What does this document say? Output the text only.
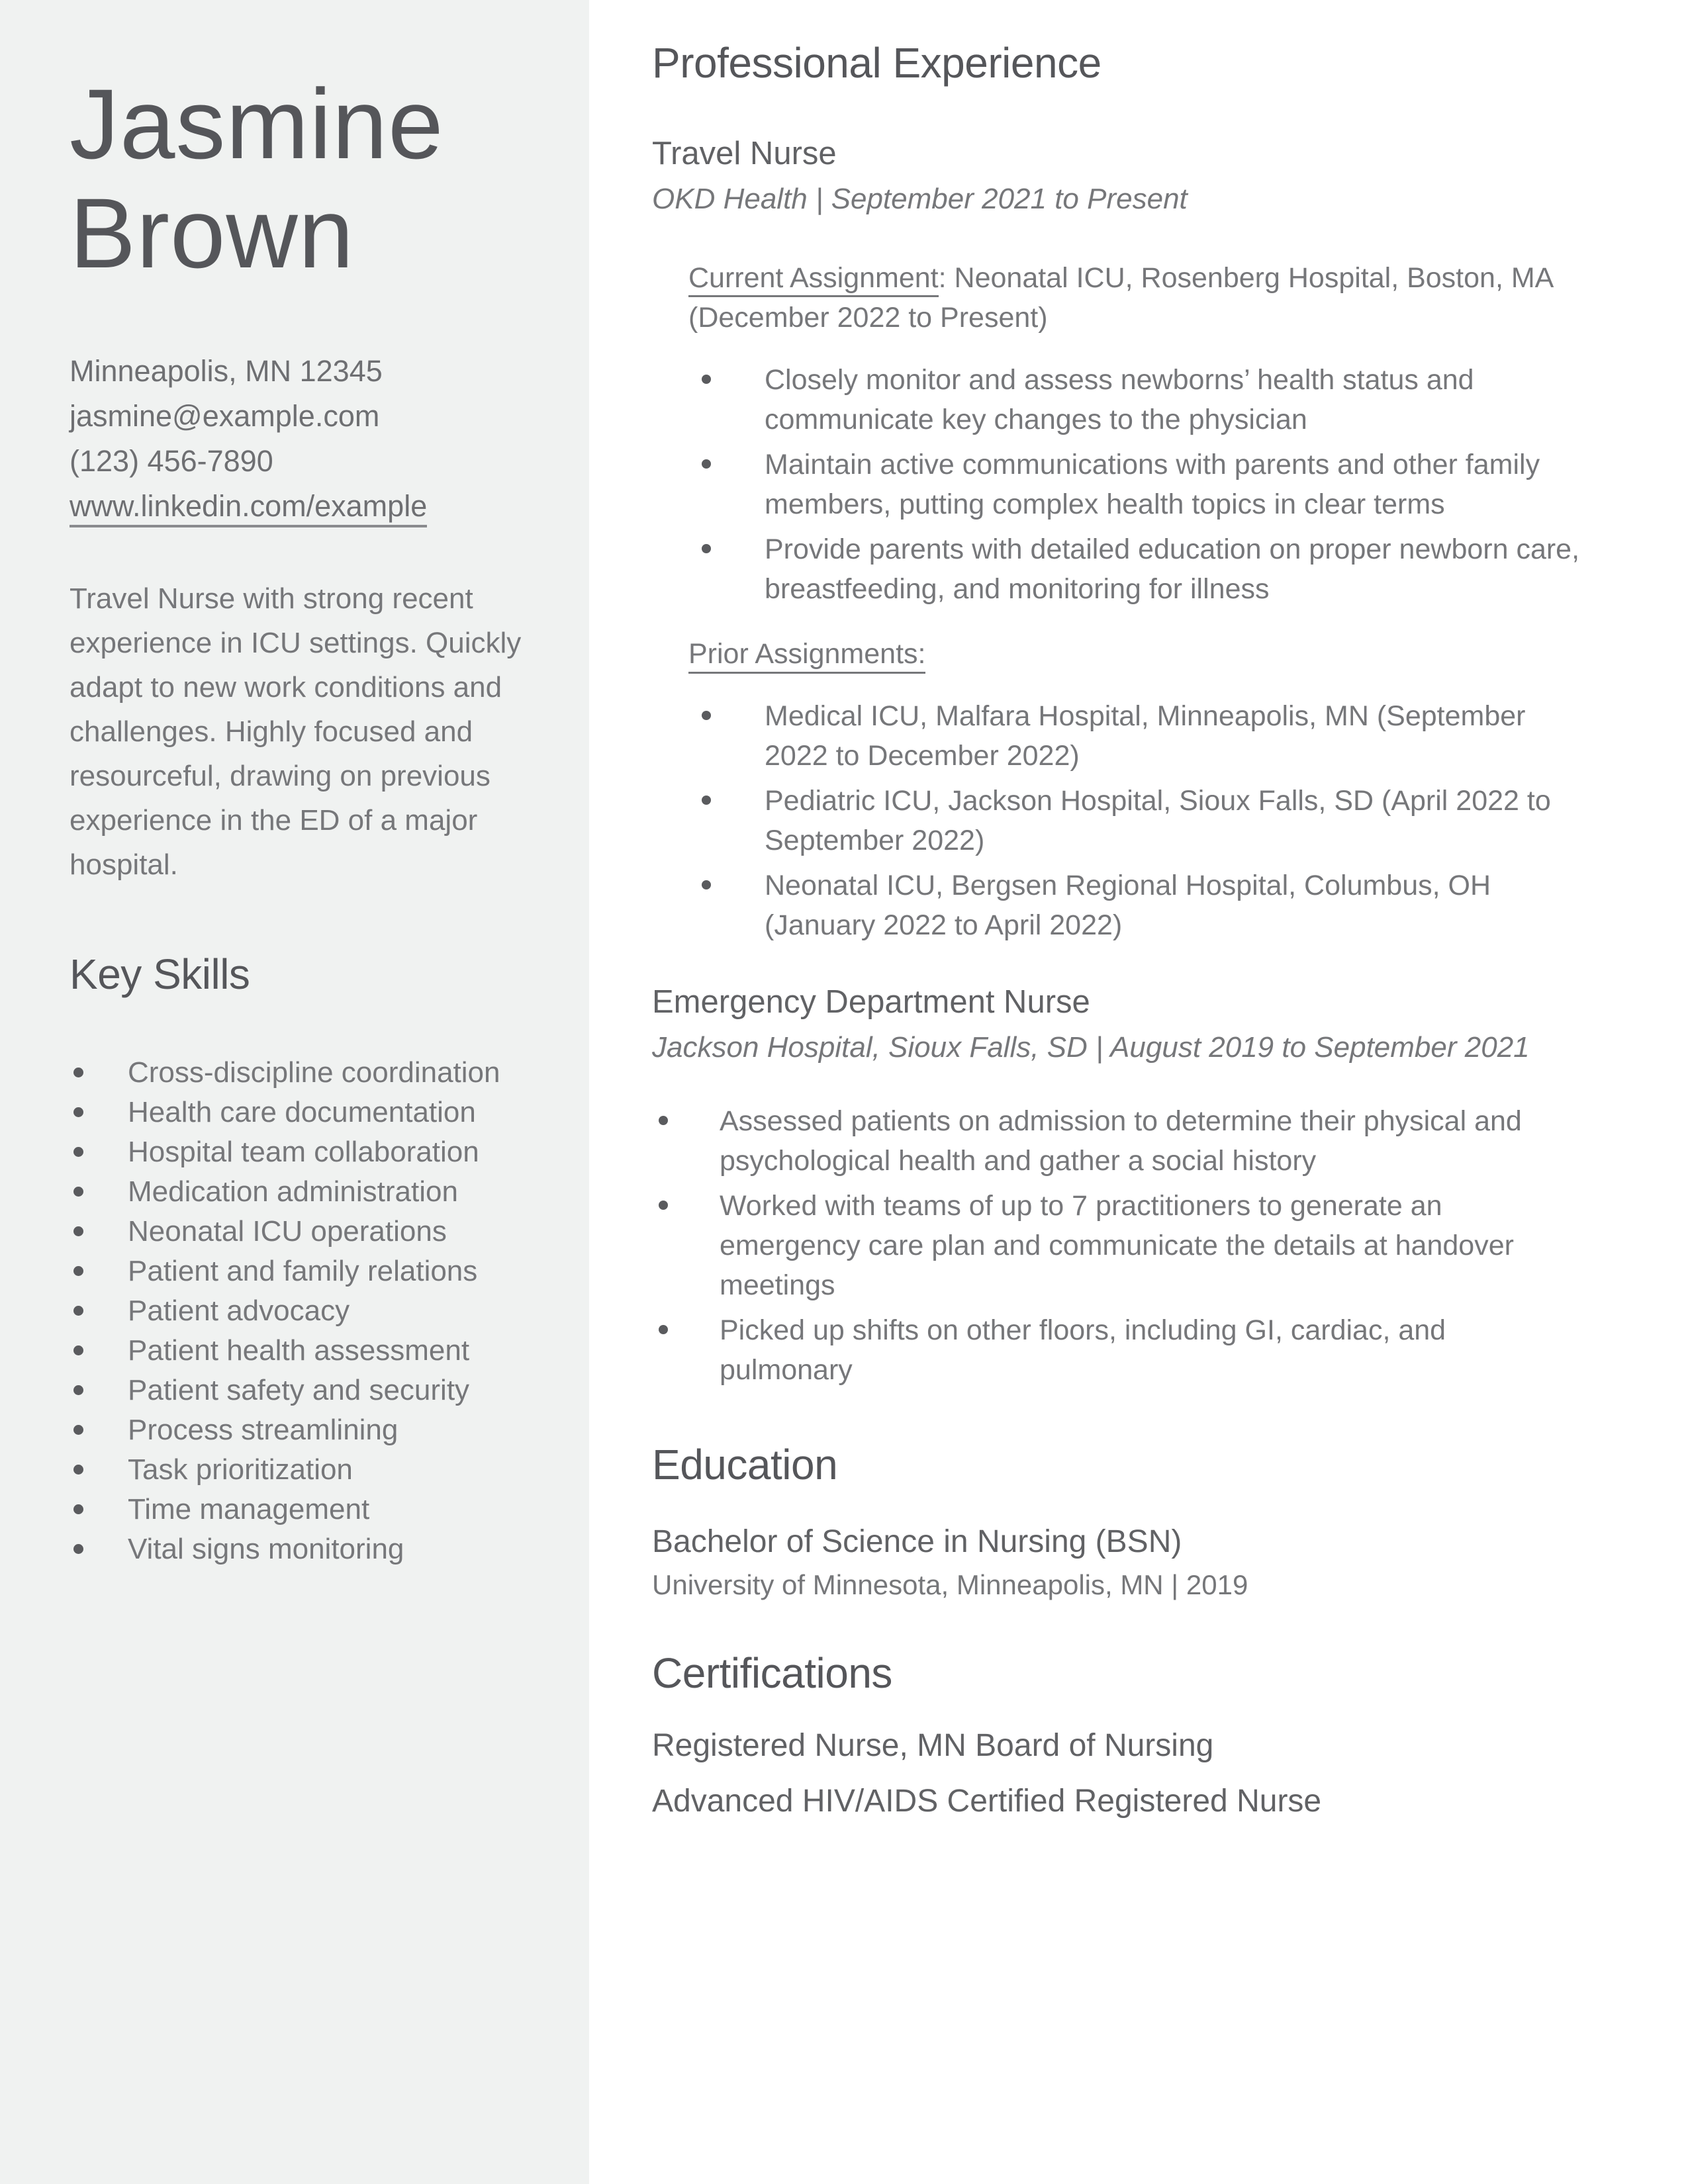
Jasmine
Brown
Minneapolis, MN 12345
jasmine@example.com
(123) 456-7890
www.linkedin.com/example

Travel Nurse with strong recent experience in ICU settings. Quickly adapt to new work conditions and challenges. Highly focused and resourceful, drawing on previous experience in the ED of a major hospital.

Key Skills
Cross-discipline coordination
Health care documentation
Hospital team collaboration
Medication administration
Neonatal ICU operations
Patient and family relations
Patient advocacy
Patient health assessment
Patient safety and security
Process streamlining
Task prioritization
Time management
Vital signs monitoring
Professional Experience
Travel Nurse
OKD Health | September 2021 to Present

Current Assignment: Neonatal ICU, Rosenberg Hospital, Boston, MA (December 2022 to Present)

Closely monitor and assess newborns’ health status and communicate key changes to the physician
Maintain active communications with parents and other family members, putting complex health topics in clear terms
Provide parents with detailed education on proper newborn care, breastfeeding, and monitoring for illness
Prior Assignments:
Medical ICU, Malfara Hospital, Minneapolis, MN (September 2022 to December 2022)
Pediatric ICU, Jackson Hospital, Sioux Falls, SD (April 2022 to September 2022)
Neonatal ICU, Bergsen Regional Hospital, Columbus, OH (January 2022 to April 2022)
Emergency Department Nurse
Jackson Hospital, Sioux Falls, SD | August 2019 to September 2021
Assessed patients on admission to determine their physical and psychological health and gather a social history
Worked with teams of up to 7 practitioners to generate an emergency care plan and communicate the details at handover meetings
Picked up shifts on other floors, including GI, cardiac, and pulmonary
Education
Bachelor of Science in Nursing (BSN)
University of Minnesota, Minneapolis, MN | 2019
Certifications
Registered Nurse, MN Board of Nursing
Advanced HIV/AIDS Certified Registered Nurse
